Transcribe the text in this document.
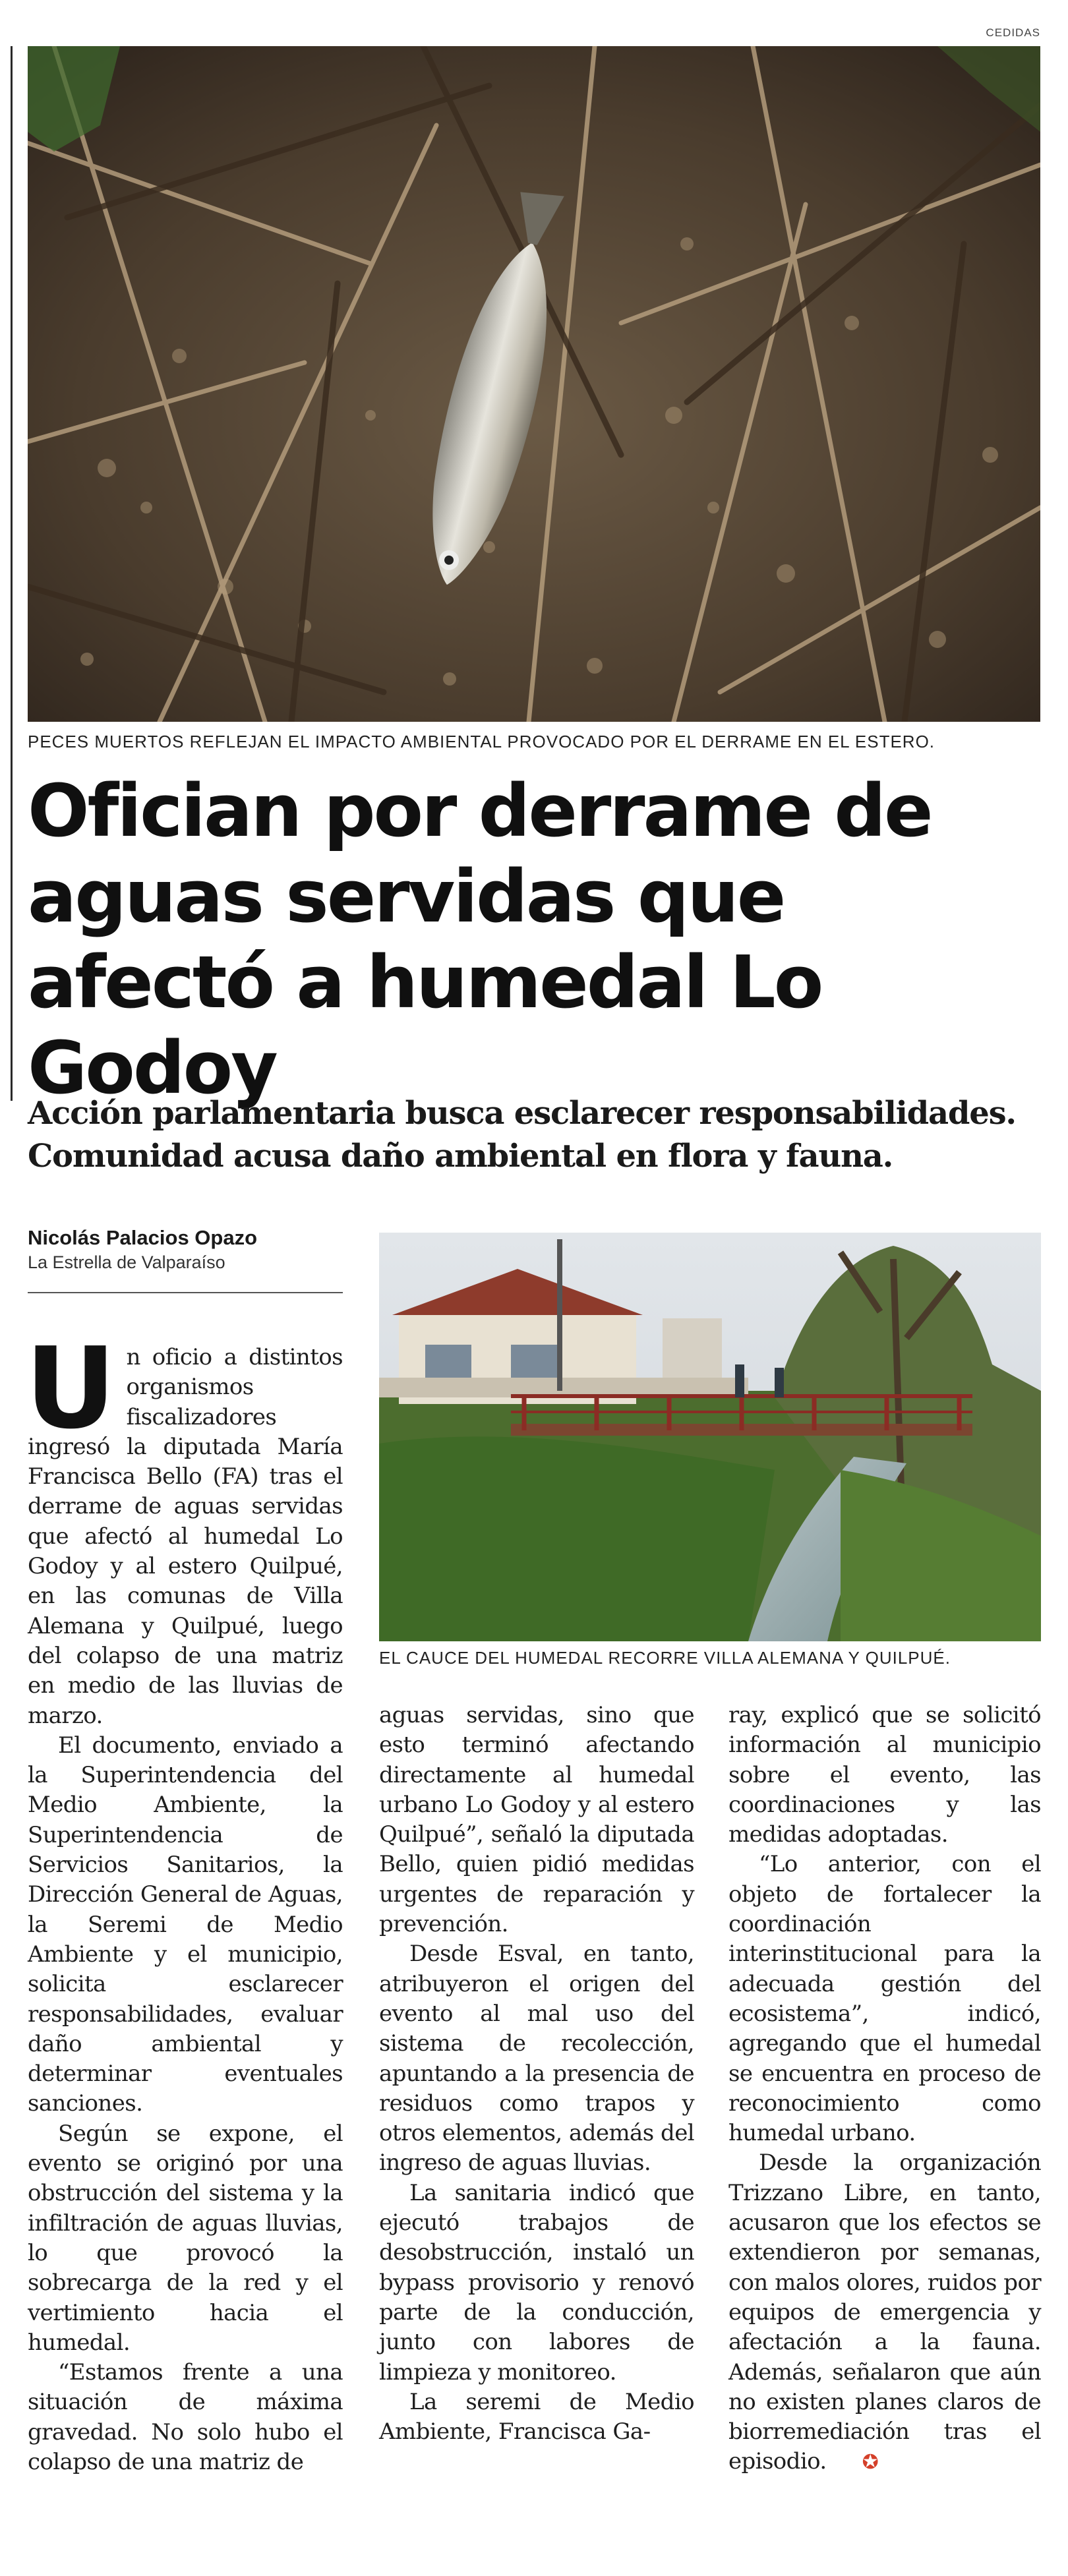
CEDIDAS
PECES MUERTOS REFLEJAN EL IMPACTO AMBIENTAL PROVOCADO POR EL DERRAME EN EL ESTERO.
Ofician por derrame de aguas servidas que afectó a humedal Lo Godoy
Acción parlamentaria busca esclarecer responsabilidades. Comunidad acusa daño ambiental en flora y fauna.
Nicolás Palacios Opazo
La Estrella de Valparaíso
EL CAUCE DEL HUMEDAL RECORRE VILLA ALEMANA Y QUILPUÉ.

Un oficio a distintos organismos fiscalizadores ingresó la diputada María Francisca Bello (FA) tras el derrame de aguas servidas que afectó al humedal Lo Godoy y al estero Quilpué, en las comunas de Villa Alemana y Quilpué, luego del colapso de una matriz en medio de las lluvias de marzo.

El documento, enviado a la Superintendencia del Medio Ambiente, la Superintendencia de Servicios Sanitarios, la Dirección General de Aguas, la Seremi de Medio Ambiente y el municipio, solicita esclarecer responsabilidades, evaluar daño ambiental y determinar eventuales sanciones.

Según se expone, el evento se originó por una obstrucción del sistema y la infiltración de aguas lluvias, lo que provocó la sobrecarga de la red y el vertimiento hacia el humedal.

“Estamos frente a una situación de máxima gravedad. No solo hubo el colapso de una matriz de

aguas servidas, sino que esto terminó afectando directamente al humedal urbano Lo Godoy y al estero Quilpué”, señaló la diputada Bello, quien pidió medidas urgentes de reparación y prevención.

Desde Esval, en tanto, atribuyeron el origen del evento al mal uso del sistema de recolección, apuntando a la presencia de residuos como trapos y otros elementos, además del ingreso de aguas lluvias.

La sanitaria indicó que ejecutó trabajos de desobstrucción, instaló un bypass provisorio y renovó parte de la conducción, junto con labores de limpieza y monitoreo.

La seremi de Medio Ambiente, Francisca Ga-

ray, explicó que se solicitó información al municipio sobre el evento, las coordinaciones y las medidas adoptadas.

“Lo anterior, con el objeto de fortalecer la coordinación interinstitucional para la adecuada gestión del ecosistema”, indicó, agregando que el humedal se encuentra en proceso de reconocimiento como humedal urbano.

Desde la organización Trizzano Libre, en tanto, acusaron que los efectos se extendieron por semanas, con malos olores, ruidos por equipos de emergencia y afectación a la fauna. Además, señalaron que aún no existen planes claros de biorremediación tras el episodio. ✪
